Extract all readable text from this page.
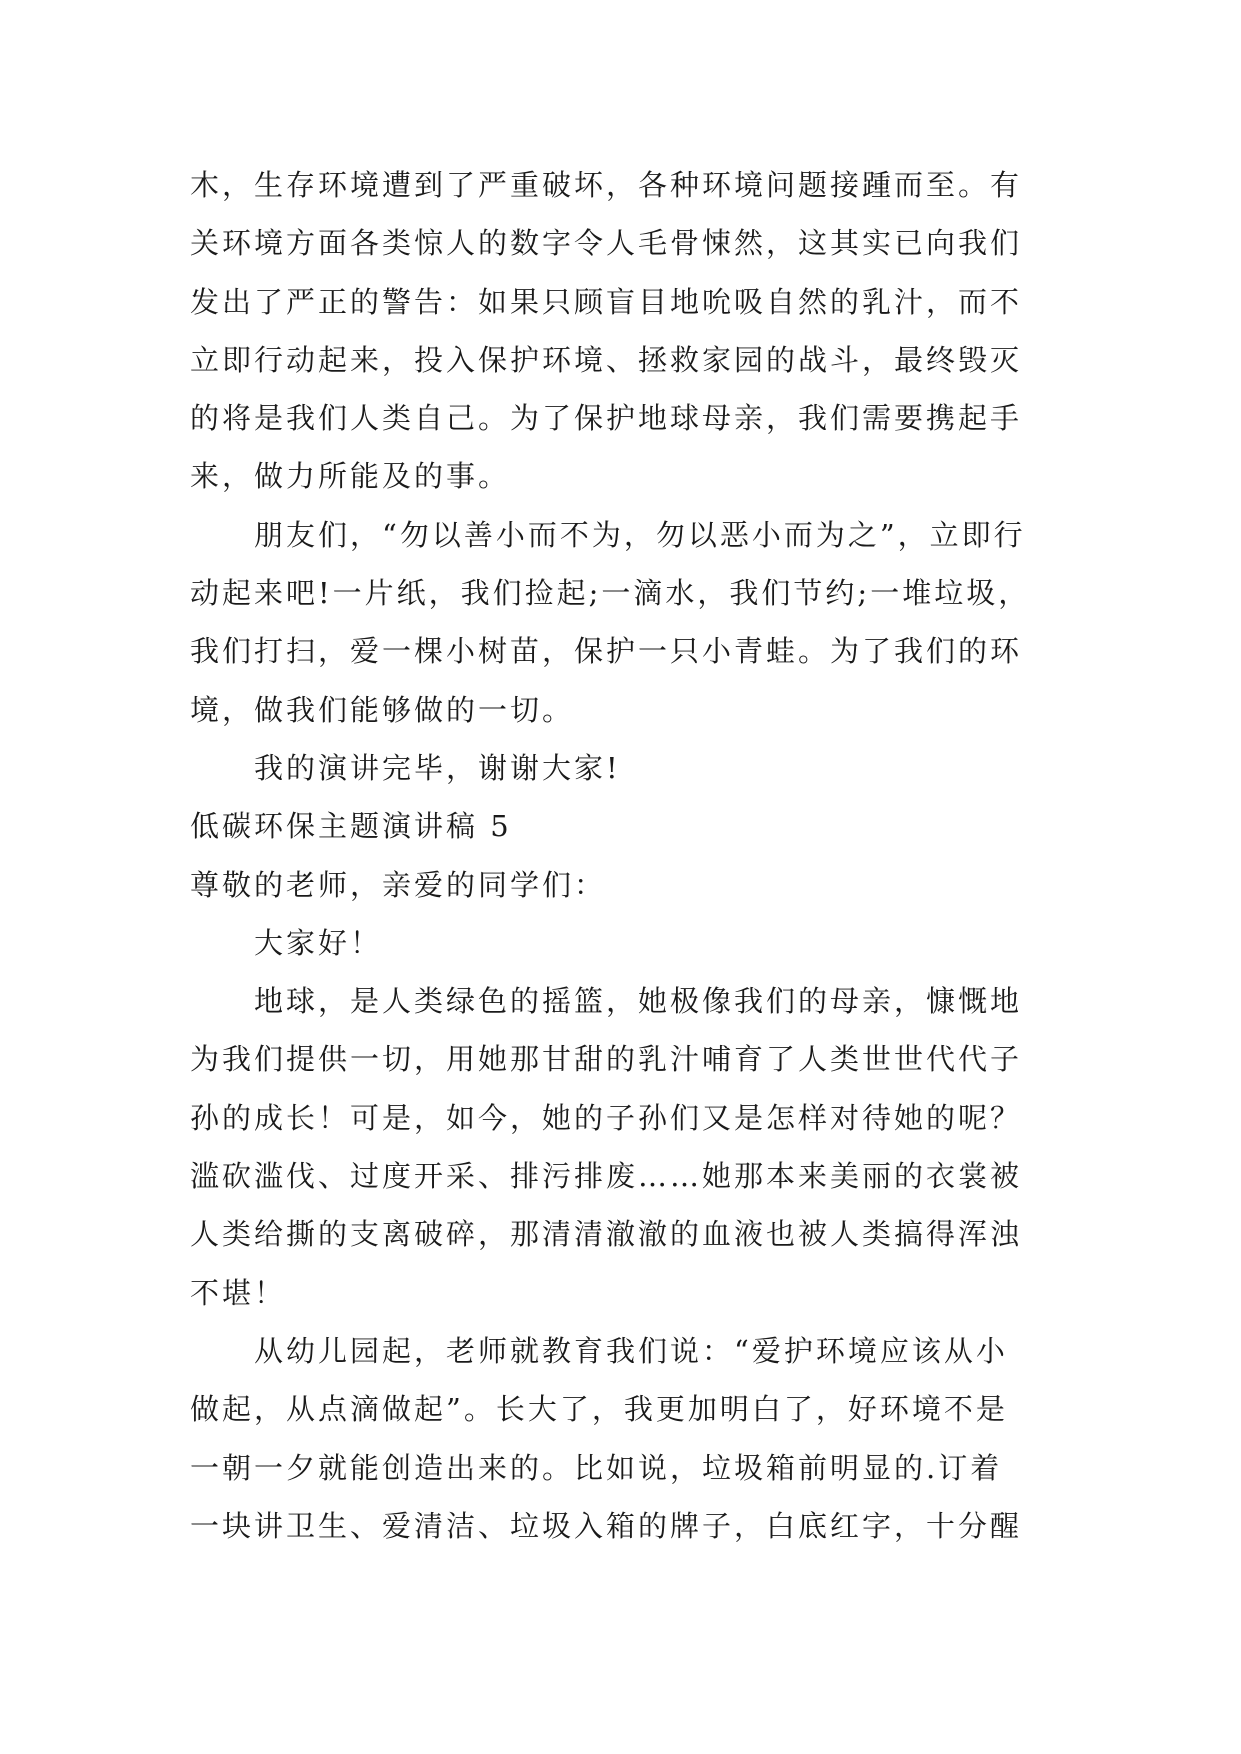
木，生存环境遭到了严重破坏，各种环境问题接踵而至。有
关环境方面各类惊人的数字令人毛骨悚然，这其实已向我们
发出了严正的警告：如果只顾盲目地吮吸自然的乳汁，而不
立即行动起来，投入保护环境、拯救家园的战斗，最终毁灭
的将是我们人类自己。为了保护地球母亲，我们需要携起手
来，做力所能及的事。
朋友们，“勿以善小而不为，勿以恶小而为之”，立即行
动起来吧!一片纸，我们捡起;一滴水，我们节约;一堆垃圾，
我们打扫，爱一棵小树苗，保护一只小青蛙。为了我们的环
境，做我们能够做的一切。
我的演讲完毕，谢谢大家!
低碳环保主题演讲稿 5
尊敬的老师，亲爱的同学们：
大家好！
地球，是人类绿色的摇篮，她极像我们的母亲，慷慨地
为我们提供一切，用她那甘甜的乳汁哺育了人类世世代代子
孙的成长！可是，如今，她的子孙们又是怎样对待她的呢？
滥砍滥伐、过度开采、排污排废……她那本来美丽的衣裳被
人类给撕的支离破碎，那清清澈澈的血液也被人类搞得浑浊
不堪！
从幼儿园起，老师就教育我们说：“爱护环境应该从小
做起，从点滴做起”。长大了，我更加明白了，好环境不是
一朝一夕就能创造出来的。比如说，垃圾箱前明显的.订着
一块讲卫生、爱清洁、垃圾入箱的牌子，白底红字，十分醒
